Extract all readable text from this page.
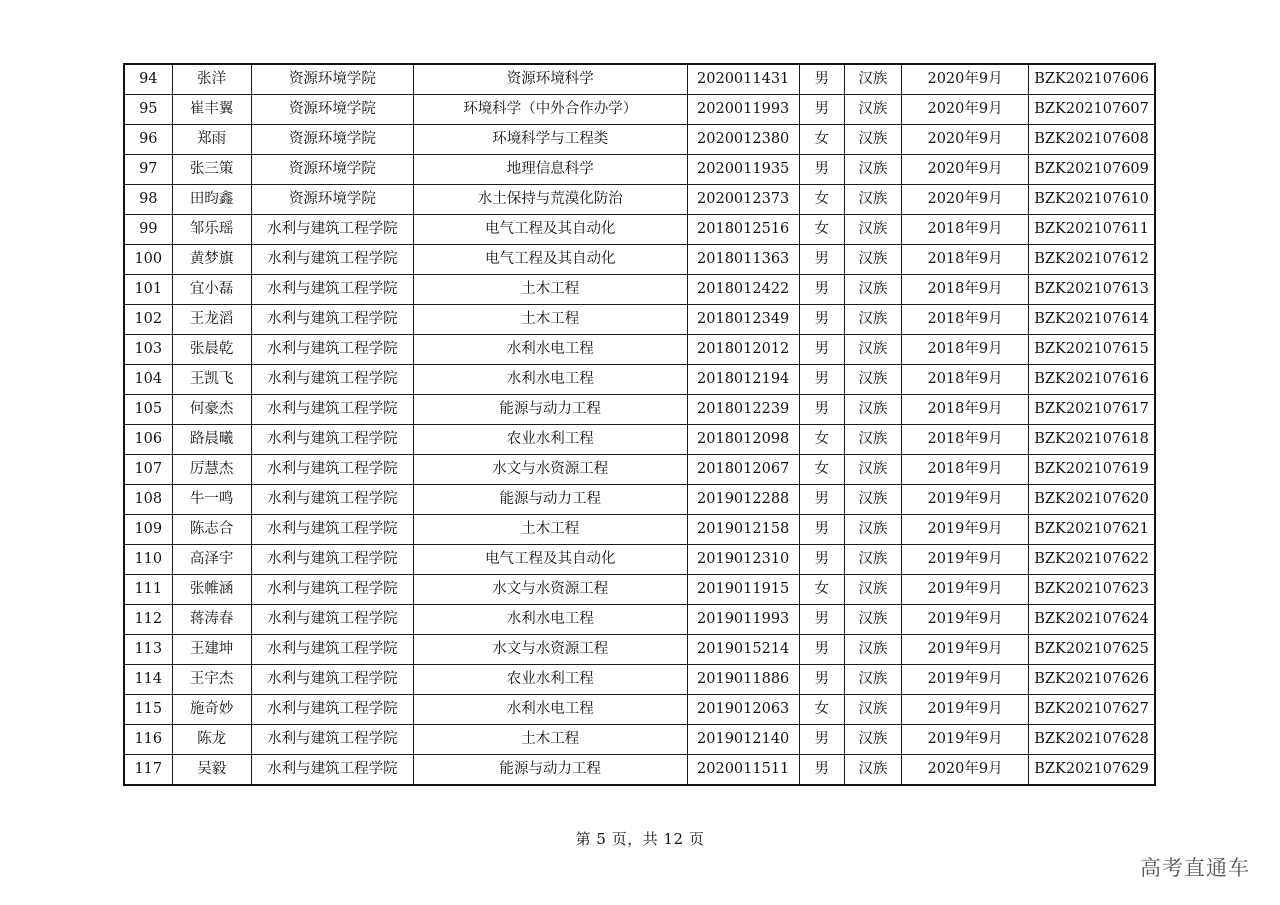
94	张洋	资源环境学院	资源环境科学	2020011431	男	汉族	2020年9月	BZK202107606
95	崔丰翼	资源环境学院	环境科学（中外合作办学）	2020011993	男	汉族	2020年9月	BZK202107607
96	郑雨	资源环境学院	环境科学与工程类	2020012380	女	汉族	2020年9月	BZK202107608
97	张三策	资源环境学院	地理信息科学	2020011935	男	汉族	2020年9月	BZK202107609
98	田昀鑫	资源环境学院	水土保持与荒漠化防治	2020012373	女	汉族	2020年9月	BZK202107610
99	邹乐瑶	水利与建筑工程学院	电气工程及其自动化	2018012516	女	汉族	2018年9月	BZK202107611
100	黄梦旗	水利与建筑工程学院	电气工程及其自动化	2018011363	男	汉族	2018年9月	BZK202107612
101	宜小磊	水利与建筑工程学院	土木工程	2018012422	男	汉族	2018年9月	BZK202107613
102	王龙滔	水利与建筑工程学院	土木工程	2018012349	男	汉族	2018年9月	BZK202107614
103	张晨乾	水利与建筑工程学院	水利水电工程	2018012012	男	汉族	2018年9月	BZK202107615
104	王凯飞	水利与建筑工程学院	水利水电工程	2018012194	男	汉族	2018年9月	BZK202107616
105	何豪杰	水利与建筑工程学院	能源与动力工程	2018012239	男	汉族	2018年9月	BZK202107617
106	路晨曦	水利与建筑工程学院	农业水利工程	2018012098	女	汉族	2018年9月	BZK202107618
107	厉慧杰	水利与建筑工程学院	水文与水资源工程	2018012067	女	汉族	2018年9月	BZK202107619
108	牛一鸣	水利与建筑工程学院	能源与动力工程	2019012288	男	汉族	2019年9月	BZK202107620
109	陈志合	水利与建筑工程学院	土木工程	2019012158	男	汉族	2019年9月	BZK202107621
110	高泽宇	水利与建筑工程学院	电气工程及其自动化	2019012310	男	汉族	2019年9月	BZK202107622
111	张帷涵	水利与建筑工程学院	水文与水资源工程	2019011915	女	汉族	2019年9月	BZK202107623
112	蒋涛春	水利与建筑工程学院	水利水电工程	2019011993	男	汉族	2019年9月	BZK202107624
113	王建坤	水利与建筑工程学院	水文与水资源工程	2019015214	男	汉族	2019年9月	BZK202107625
114	王宇杰	水利与建筑工程学院	农业水利工程	2019011886	男	汉族	2019年9月	BZK202107626
115	施奇妙	水利与建筑工程学院	水利水电工程	2019012063	女	汉族	2019年9月	BZK202107627
116	陈龙	水利与建筑工程学院	土木工程	2019012140	男	汉族	2019年9月	BZK202107628
117	吴毅	水利与建筑工程学院	能源与动力工程	2020011511	男	汉族	2020年9月	BZK202107629
第 5 页，共 12 页
高考直通车
